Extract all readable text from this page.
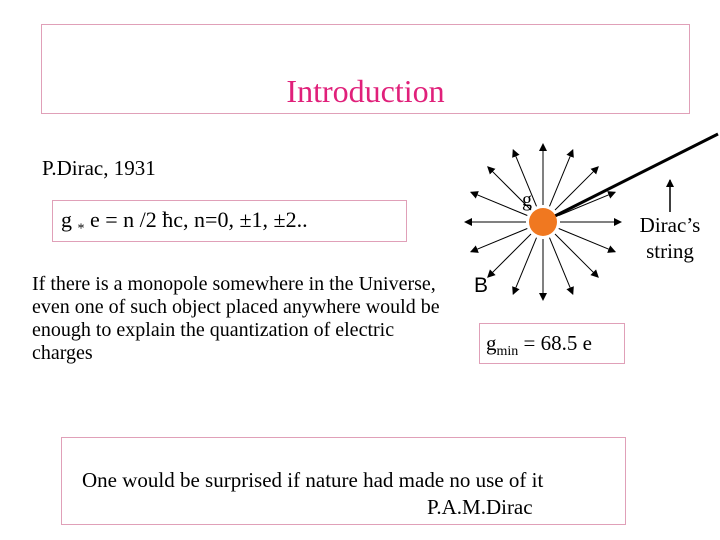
Introduction
P.Dirac, 1931
g $_*$ e = n /2 ħc, n=0, ±1, ±2..
If there is a monopole somewhere in the Universe, even one of such object placed anywhere would be enough to explain the quantization of electric charges
g
B
$g_{min} = 68.5$ e
Dirac’s
string
One would be surprised if nature had made no use of it
P.A.M.Dirac
